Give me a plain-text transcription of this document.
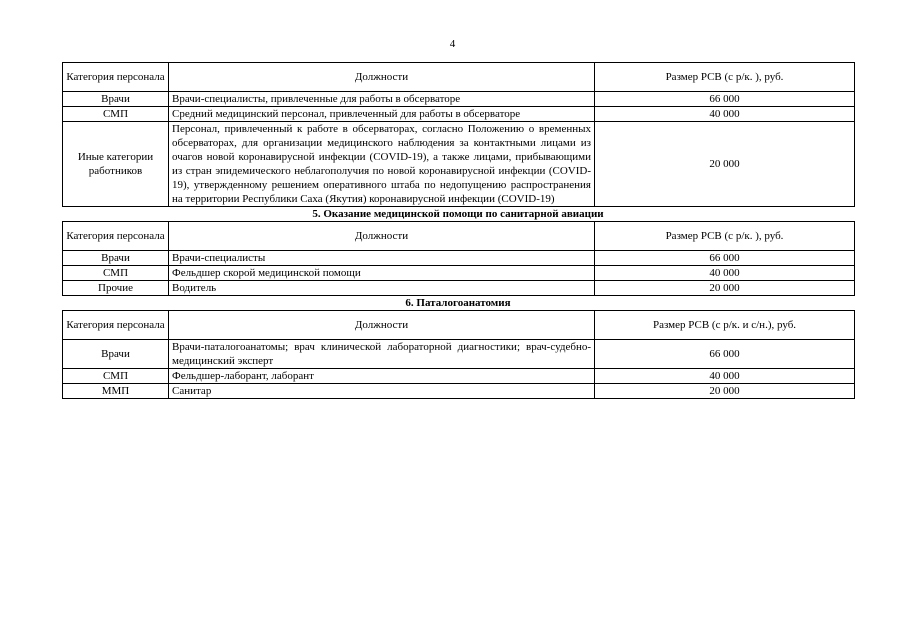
4
Категория персонала	Должности	Размер РСВ (с р/к. ), руб.
Врачи	Врачи-специалисты, привлеченные для работы в обсерваторе	66 000
СМП	Средний медицинский персонал, привлеченный для работы в обсерваторе	40 000
Иные категории работников	Персонал, привлеченный к работе в обсерваторах, согласно Положению о временных обсерваторах, для организации медицинского наблюдения за контактными лицами из очагов новой коронавирусной инфекции (COVID-19), а также лицами, прибывающими из стран эпидемического неблагополучия по новой коронавирусной инфекции (COVID-19), утвержденному решением оперативного штаба по недопущению распространения на территории Республики Саха (Якутия) коронавирусной инфекции (COVID-19)	20 000
5. Оказание медицинской помощи по санитарной авиации
Категория персонала	Должности	Размер РСВ (с р/к. ), руб.
Врачи	Врачи-специалисты	66 000
СМП	Фельдшер скорой медицинской помощи	40 000
Прочие	Водитель	20 000
6. Паталогоанатомия
Категория персонала	Должности	Размер РСВ (с р/к. и с/н.), руб.
Врачи	Врачи-паталогоанатомы; врач клинической лабораторной диагностики; врач-судебно-медицинский эксперт	66 000
СМП	Фельдшер-лаборант, лаборант	40 000
ММП	Санитар	20 000
